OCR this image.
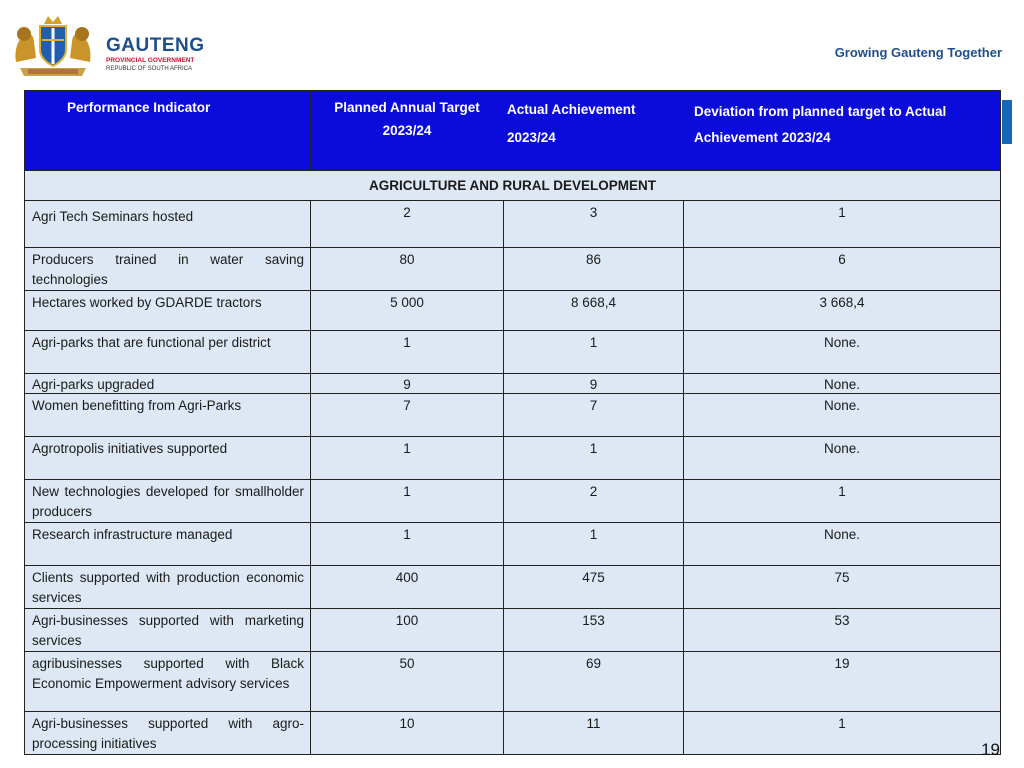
GAUTENG
PROVINCIAL GOVERNMENT
REPUBLIC OF SOUTH AFRICA
Growing Gauteng Together
Performance Indicator	Planned Annual Target 2023/24	Actual Achievement 2023/24	Deviation from planned target to Actual Achievement 2023/24
AGRICULTURE AND RURAL DEVELOPMENT			
Agri Tech Seminars hosted	2	3	1
Producers trained in water saving technologies	80	86	6
Hectares worked by GDARDE tractors	5 000	8 668,4	3 668,4
Agri-parks that are functional per district	1	1	None.
Agri-parks upgraded	9	9	None.
Women benefitting from Agri-Parks	7	7	None.
Agrotropolis initiatives supported	1	1	None.
New technologies developed for smallholder producers	1	2	1
Research infrastructure managed	1	1	None.
Clients supported with production economic services	400	475	75
Agri-businesses supported with marketing services	100	153	53
agribusinesses supported with Black Economic Empowerment advisory services	50	69	19
Agri-businesses supported with agro-processing initiatives	10	11	1
19
